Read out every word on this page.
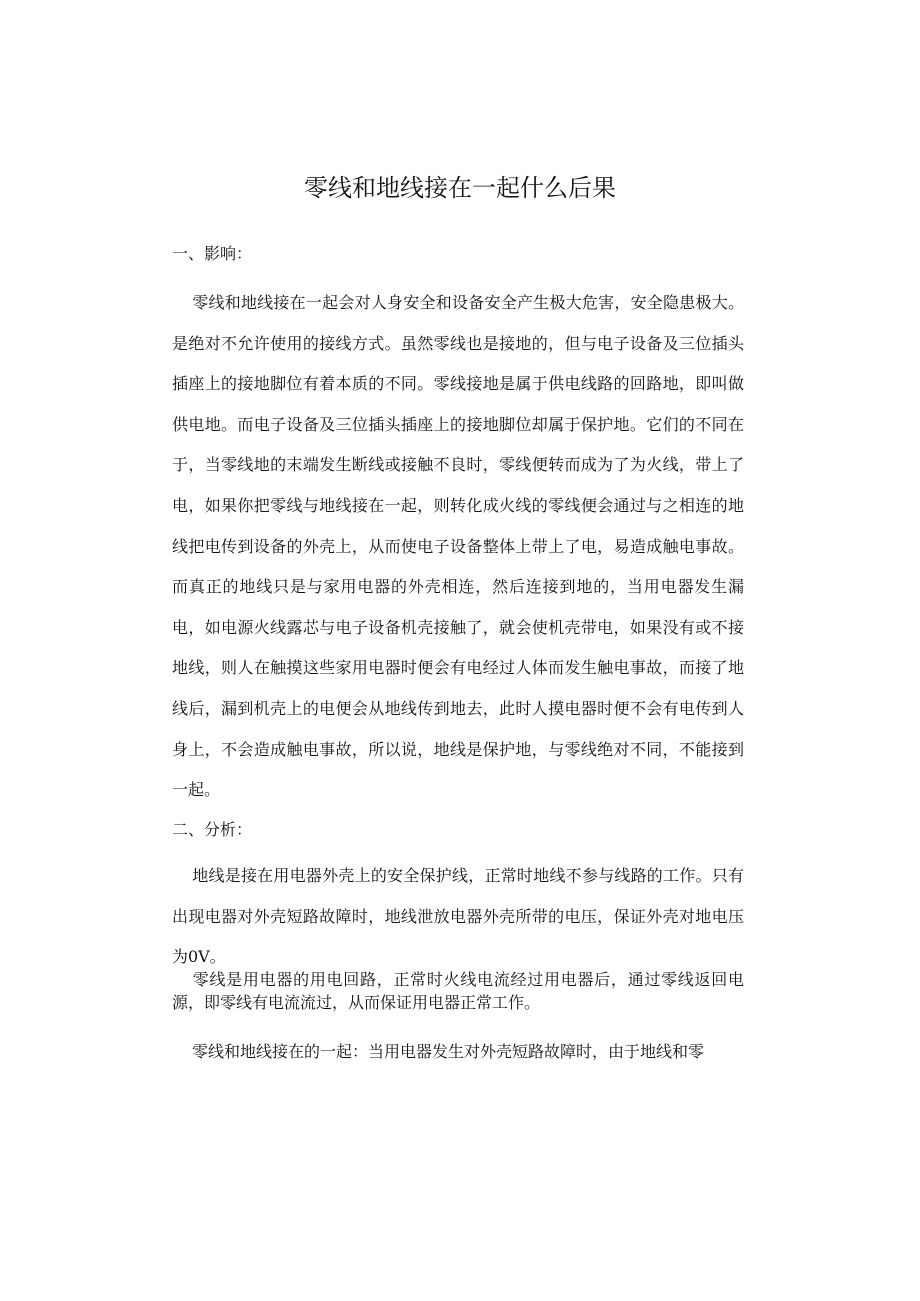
零线和地线接在一起什么后果
一、影响：

零线和地线接在一起会对人身安全和设备安全产生极大危害，安全隐患极大。是绝对不允许使用的接线方式。虽然零线也是接地的，但与电子设备及三位插头插座上的接地脚位有着本质的不同。零线接地是属于供电线路的回路地，即叫做供电地。而电子设备及三位插头插座上的接地脚位却属于保护地。它们的不同在于，当零线地的末端发生断线或接触不良时，零线便转而成为了为火线，带上了电，如果你把零线与地线接在一起，则转化成火线的零线便会通过与之相连的地线把电传到设备的外壳上，从而使电子设备整体上带上了电，易造成触电事故。而真正的地线只是与家用电器的外壳相连，然后连接到地的，当用电器发生漏电，如电源火线露芯与电子设备机壳接触了，就会使机壳带电，如果没有或不接地线，则人在触摸这些家用电器时便会有电经过人体而发生触电事故，而接了地线后，漏到机壳上的电便会从地线传到地去，此时人摸电器时便不会有电传到人身上，不会造成触电事故，所以说，地线是保护地，与零线绝对不同，不能接到一起。

二、分析：

地线是接在用电器外壳上的安全保护线，正常时地线不参与线路的工作。只有出现电器对外壳短路故障时，地线泄放电器外壳所带的电压，保证外壳对地电压为0V。

零线是用电器的用电回路，正常时火线电流经过用电器后，通过零线返回电源，即零线有电流流过，从而保证用电器正常工作。

零线和地线接在的一起：当用电器发生对外壳短路故障时，由于地线和零
